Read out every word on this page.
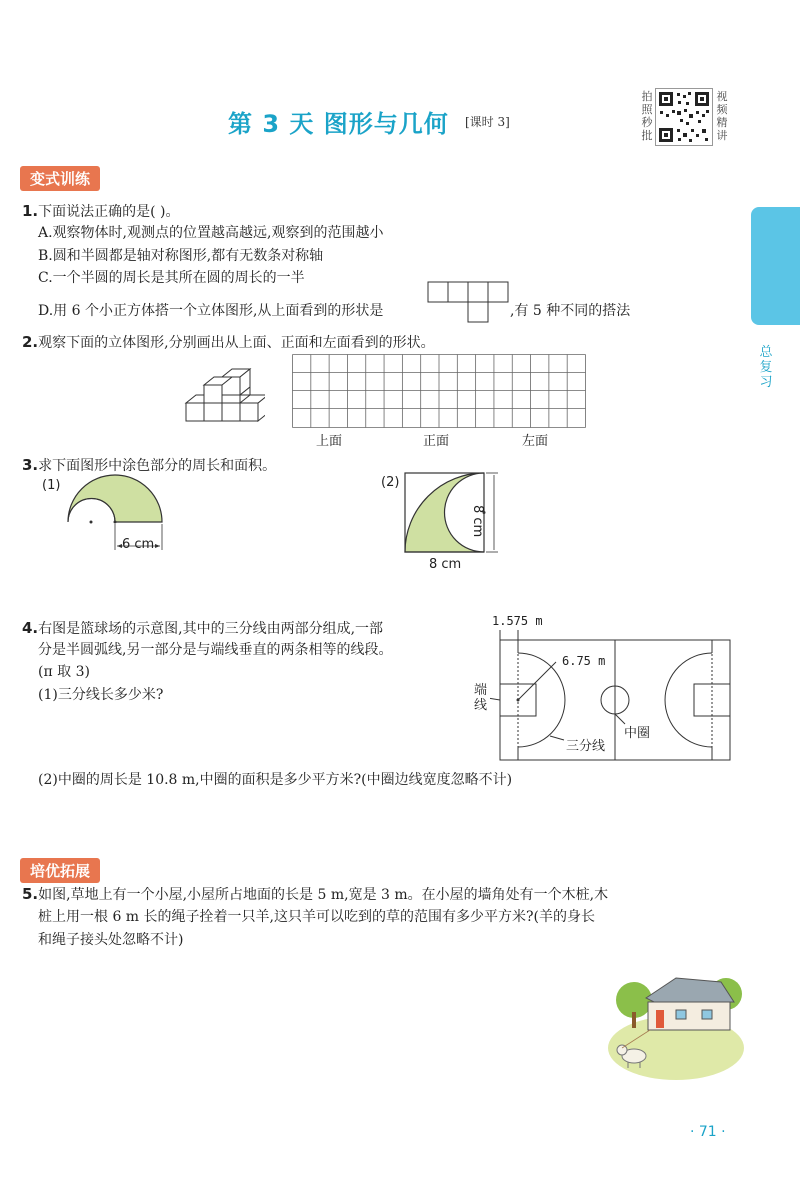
第 3 天 图形与几何 [课时 3]
拍照秒批
视频精讲
总复习
变式训练
1.下面说法正确的是( )。
A.观察物体时,观测点的位置越高越远,观察到的范围越小
B.圆和半圆都是轴对称图形,都有无数条对称轴
C.一个半圆的周长是其所在圆的周长的一半
D.用 6 个小正方体搭一个立体图形,从上面看到的形状是	,有 5 种不同的搭法
2.观察下面的立体图形,分别画出从上面、正面和左面看到的形状。
上面	正面	左面
3.求下面图形中涂色部分的周长和面积。
(1)
6 cm
(2)
8 cm
8 cm
4.右图是篮球场的示意图,其中的三分线由两部分组成,一部
分是半圆弧线,另一部分是与端线垂直的两条相等的线段。
(π 取 3)
(1)三分线长多少米?
1.575 m
6.75 m
端线
三分线
中圈
(2)中圈的周长是 10.8 m,中圈的面积是多少平方米?(中圈边线宽度忽略不计)
培优拓展
5.如图,草地上有一个小屋,小屋所占地面的长是 5 m,宽是 3 m。在小屋的墙角处有一个木桩,木
桩上用一根 6 m 长的绳子拴着一只羊,这只羊可以吃到的草的范围有多少平方米?(羊的身长
和绳子接头处忽略不计)
· 71 ·
